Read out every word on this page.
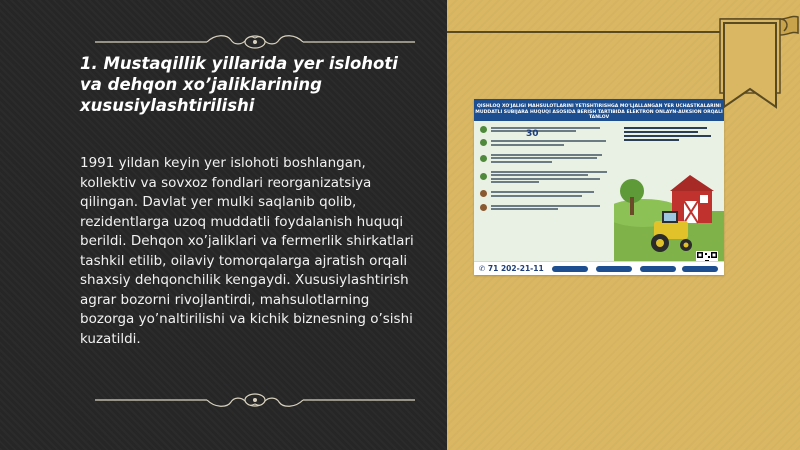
1. Mustaqillik yillarida yer islohoti va dehqon xo’jaliklarining xususiylashtirilishi

1991 yildan keyin yer islohoti boshlangan, kollektiv va sovxoz fondlari reorganizatsiya qilingan. Davlat yer mulki saqlanib qolib, rezidentlarga uzoq muddatli foydalanish huquqi berildi. Dehqon xo’jaliklari va fermerlik shirkatlari tashkil etilib, oilaviy tomorqalarga ajratish orqali shaxsiy dehqonchilik kengaydi. Xususiylashtirish agrar bozorni rivojlantirdi, mahsulotlarning bozorga yo’naltirilishi va kichik biznesning o’sishi kuzatildi.

QISHLOQ XO'JALIGI MAHSULOTLARINI YETISHTIRISHGA MO'LJALLANGAN YER UCHASTKALARINI MUDDATLI SUBIJARA HUQUQI ASOSIDA BERISH TARTIBIDA ELEKTRON ONLAYN-AUKSION ORQALI TANLOV
30
✆ 71 202-21-11
